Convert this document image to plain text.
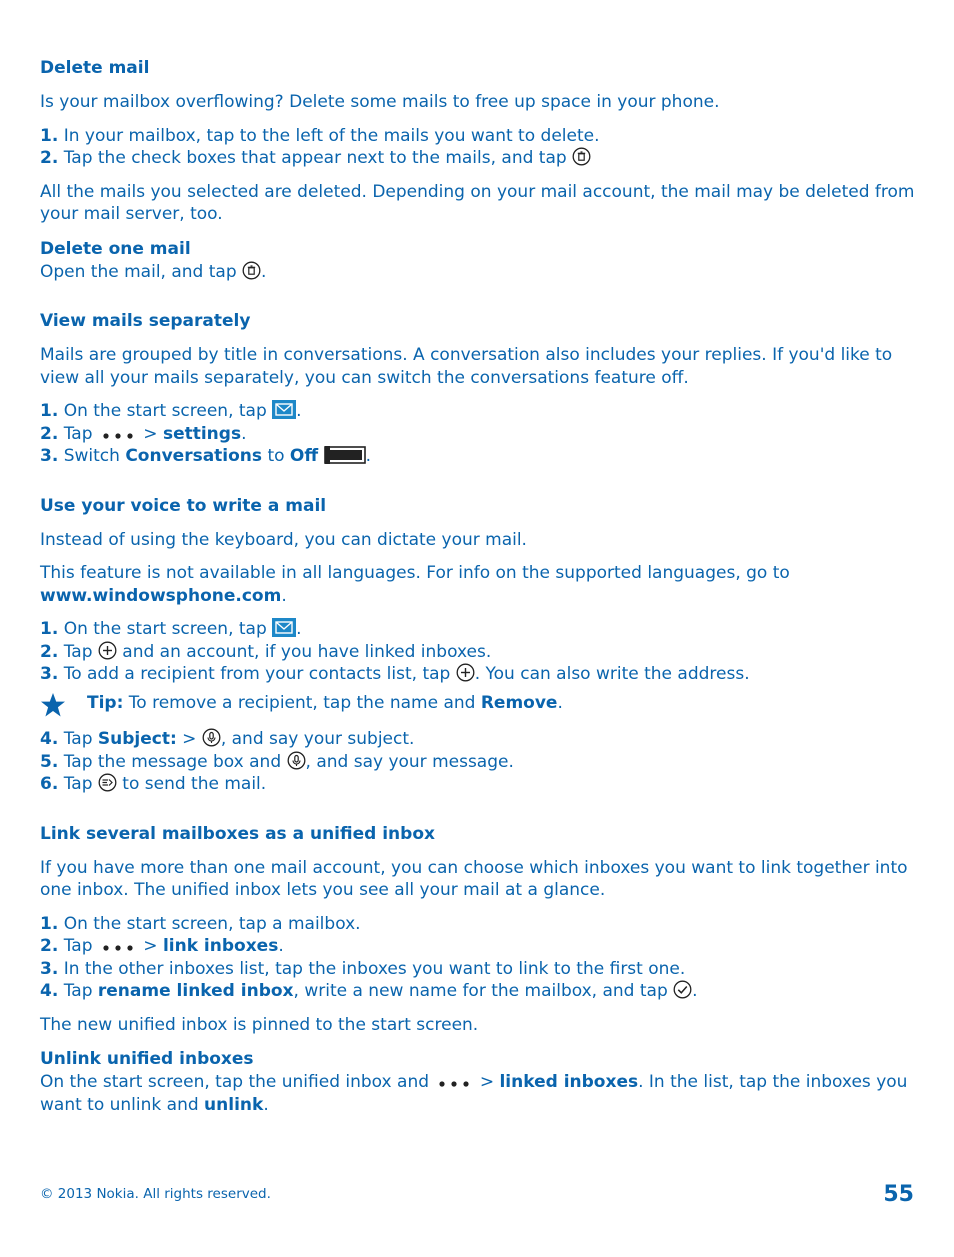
Delete mail

Is your mailbox overflowing? Delete some mails to free up space in your phone.

1. In your mailbox, tap to the left of the mails you want to delete.

2. Tap the check boxes that appear next to the mails, and tap

All the mails you selected are deleted. Depending on your mail account, the mail may be deleted from your mail server, too.

Delete one mail

Open the mail, and tap .

View mails separately

Mails are grouped by title in conversations. A conversation also includes your replies. If you'd like to view all your mails separately, you can switch the conversations feature off.

1. On the start screen, tap .

2. Tap	> settings.

3. Switch Conversations to Off	.

Use your voice to write a mail

Instead of using the keyboard, you can dictate your mail.

This feature is not available in all languages. For info on the supported languages, go to
www.windowsphone.com.

1. On the start screen, tap .

2. Tap and an account, if you have linked inboxes.

3. To add a recipient from your contacts list, tap . You can also write the address.

Tip: To remove a recipient, tap the name and Remove.

4. Tap Subject: > , and say your subject.

5. Tap the message box and , and say your message.

6. Tap to send the mail.

Link several mailboxes as a unified inbox

If you have more than one mail account, you can choose which inboxes you want to link together into one inbox. The unified inbox lets you see all your mail at a glance.

1. On the start screen, tap a mailbox.

2. Tap	> link inboxes.

3. In the other inboxes list, tap the inboxes you want to link to the first one.

4. Tap rename linked inbox, write a new name for the mailbox, and tap .

The new unified inbox is pinned to the start screen.

Unlink unified inboxes

On the start screen, tap the unified inbox and	> linked inboxes. In the list, tap the inboxes you want to unlink and unlink.

© 2013 Nokia. All rights reserved.	55
